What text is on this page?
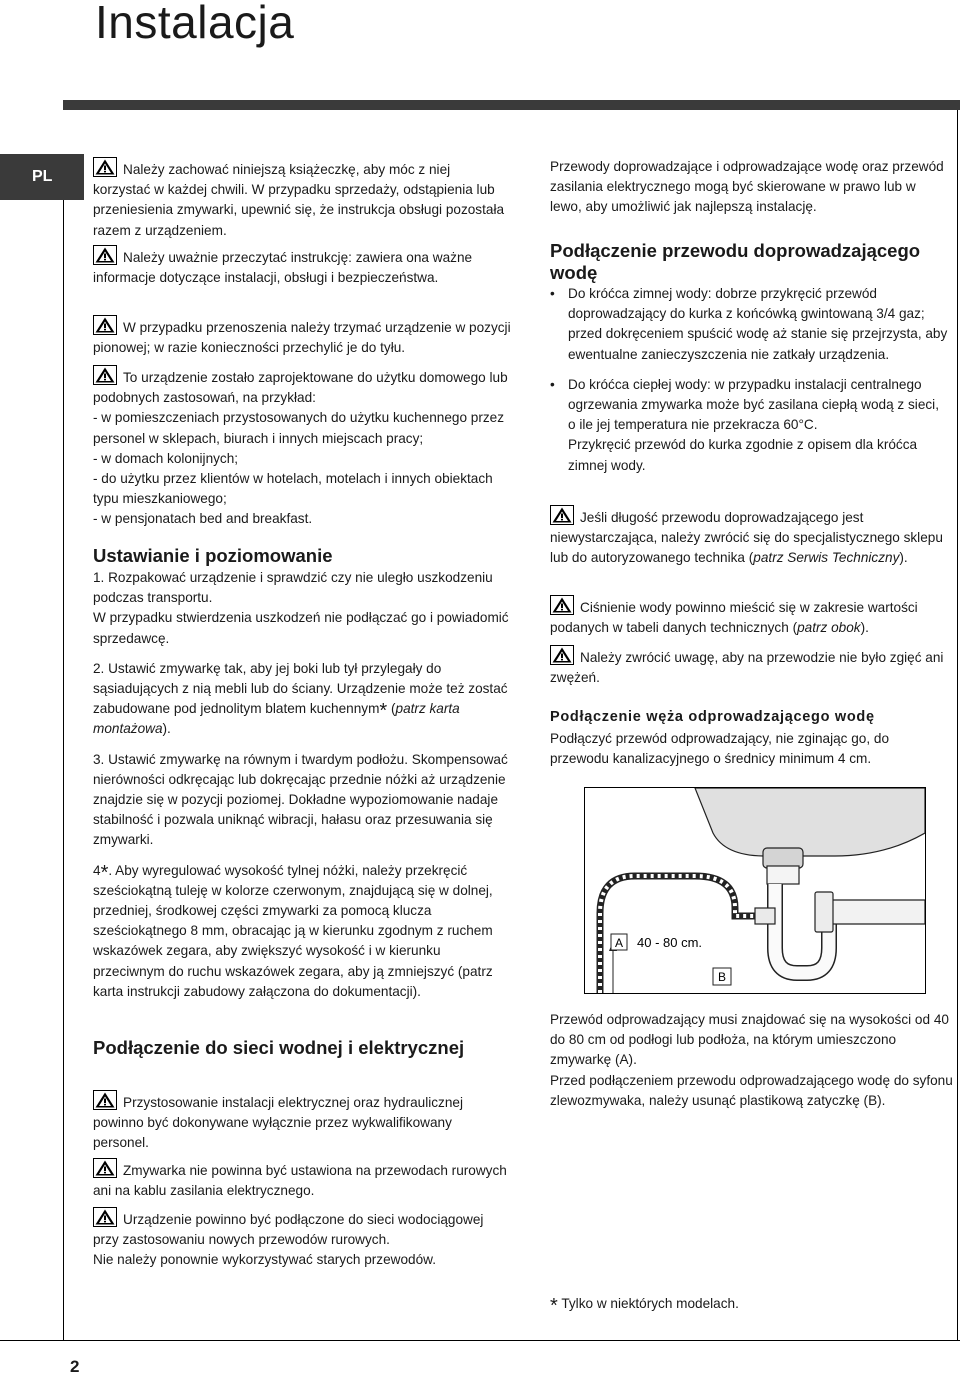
Instalacja
PL
2

Należy zachować niniejszą książeczkę, aby móc z niej korzystać w każdej chwili. W przypadku sprzedaży, odstąpienia lub przeniesienia zmywarki, upewnić się, że instrukcja obsługi pozostała razem z urządzeniem.

Należy uważnie przeczytać instrukcję: zawiera ona ważne informacje dotyczące instalacji, obsługi i bezpieczeństwa.

W przypadku przenoszenia należy trzymać urządzenie w pozycji pionowej; w razie konieczności przechylić je do tyłu.

To urządzenie zostało zaprojektowane do użytku domowego lub podobnych zastosowań, na przykład:

- w pomieszczeniach przystosowanych do użytku kuchennego przez personel w sklepach, biurach i innych miejscach pracy;

- w domach kolonijnych;

- do użytku przez klientów w hotelach, motelach i innych obiektach typu mieszkaniowego;

- w pensjonatach bed and breakfast.

Ustawianie i poziomowanie

1. Rozpakować urządzenie i sprawdzić czy nie uległo uszkodzeniu podczas transportu.

W przypadku stwierdzenia uszkodzeń nie podłączać go i powiadomić sprzedawcę.

2. Ustawić zmywarkę tak, aby jej boki lub tył przylegały do sąsiadujących z nią mebli lub do ściany. Urządzenie może też zostać zabudowane pod jednolitym blatem kuchennym* (patrz karta montażowa).

3. Ustawić zmywarkę na równym i twardym podłożu. Skompensować nierówności odkręcając lub dokręcając przednie nóżki aż urządzenie znajdzie się w pozycji poziomej. Dokładne wypoziomowanie nadaje stabilność i pozwala uniknąć wibracji, hałasu oraz przesuwania się zmywarki.

4*. Aby wyregulować wysokość tylnej nóżki, należy przekręcić sześciokątną tuleję w kolorze czerwonym, znajdującą się w dolnej, przedniej, środkowej części zmywarki za pomocą klucza sześciokątnego 8 mm, obracając ją w kierunku zgodnym z ruchem wskazówek zegara, aby zwiększyć wysokość i w kierunku przeciwnym do ruchu wskazówek zegara, aby ją zmniejszyć (patrz karta instrukcji zabudowy załączona do dokumentacji).

Podłączenie do sieci wodnej i elektrycznej

Przystosowanie instalacji elektrycznej oraz hydraulicznej powinno być dokonywane wyłącznie przez wykwalifikowany personel.

Zmywarka nie powinna być ustawiona na przewodach rurowych ani na kablu zasilania elektrycznego.

Urządzenie powinno być podłączone do sieci wodociągowej przy zastosowaniu nowych przewodów rurowych.

Nie należy ponownie wykorzystywać starych przewodów.

Przewody doprowadzające i odprowadzające wodę oraz przewód zasilania elektrycznego mogą być skierowane w prawo lub w lewo, aby umożliwić jak najlepszą instalację.
Podłączenie przewodu doprowadzającego wodę
• Do króćca zimnej wody: dobrze przykręcić przewód doprowadzający do kurka z końcówką gwintowaną 3/4 gaz; przed dokręceniem spuścić wodę aż stanie się przejrzysta, aby ewentualne zanieczyszczenia nie zatkały urządzenia.
• Do króćca ciepłej wody: w przypadku instalacji centralnego ogrzewania zmywarka może być zasilana ciepłą wodą z sieci, o ile jej temperatura nie przekracza 60°C.
Przykręcić przewód do kurka zgodnie z opisem dla króćca zimnej wody.

Jeśli długość przewodu doprowadzającego jest niewystarczająca, należy zwrócić się do specjalistycznego sklepu lub do autoryzowanego technika (patrz Serwis Techniczny).

Ciśnienie wody powinno mieścić się w zakresie wartości podanych w tabeli danych technicznych (patrz obok).

Należy zwrócić uwagę, aby na przewodzie nie było zgięć ani zwężeń.

Podłączenie węża odprowadzającego wodę
Podłączyć przewód odprowadzający, nie zginając go, do przewodu kanalizacyjnego o średnicy minimum 4 cm.
A 40 - 80 cm.
B

Przewód odprowadzający musi znajdować się na wysokości od 40 do 80 cm od podłogi lub podłoża, na którym umieszczono zmywarkę (A).

Przed podłączeniem przewodu odprowadzającego wodę do syfonu zlewozmywaka, należy usunąć plastikową zatyczkę (B).

* Tylko w niektórych modelach.
